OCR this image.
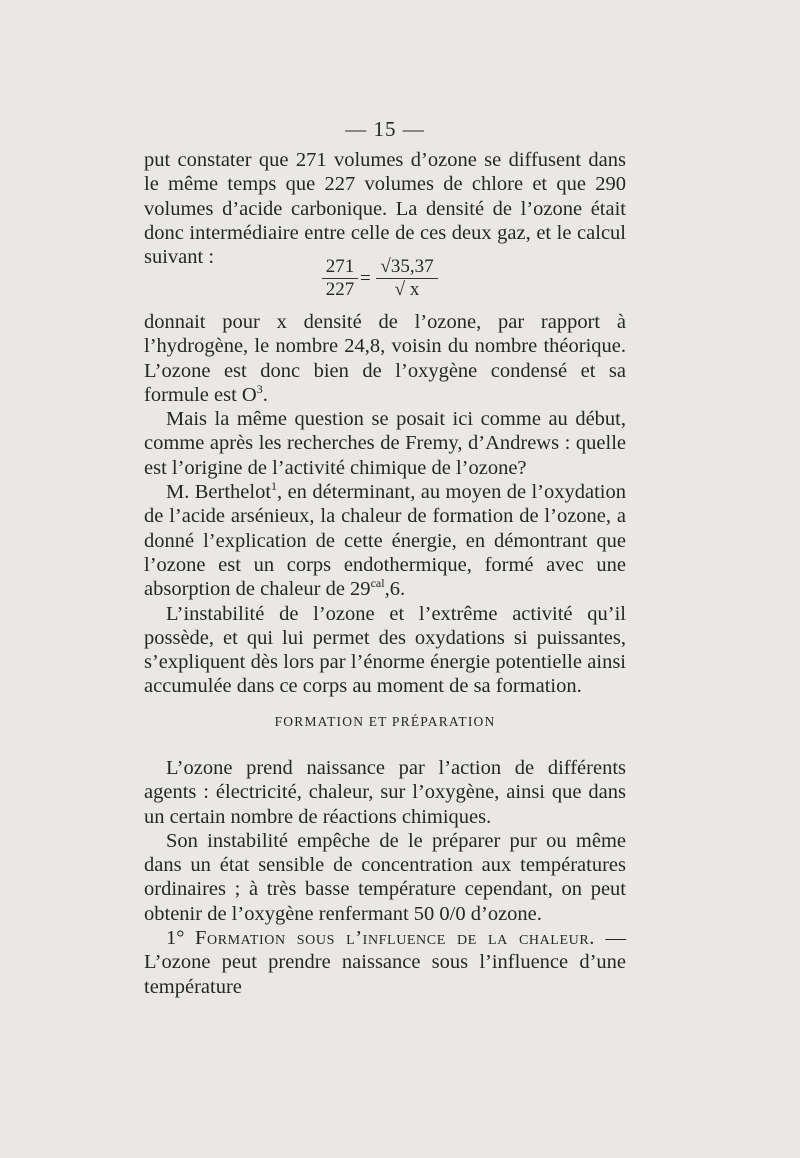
— 15 —

put constater que 271 volumes d’ozone se diffusent dans le même temps que 227 volumes de chlore et que 290 volumes d’acide carbonique. La densité de l’ozone était donc intermédiaire entre celle de ces deux gaz, et le calcul suivant :	271
227
=
√35,37
√ x

donnait pour x densité de l’ozone, par rapport à l’hydrogène, le nombre 24,8, voisin du nombre théorique. L’ozone est donc bien de l’oxygène condensé et sa formule est $O^3$.

Mais la même question se posait ici comme au début, comme après les recherches de Fremy, d’Andrews : quelle est l’origine de l’activité chimique de l’ozone?

M. Berthelot$^1$, en déterminant, au moyen de l’oxydation de l’acide arsénieux, la chaleur de formation de l’ozone, a donné l’explication de cette énergie, en démontrant que l’ozone est un corps endothermique, formé avec une absorption de chaleur de $29^{cal},6$.

L’instabilité de l’ozone et l’extrême activité qu’il possède, et qui lui permet des oxydations si puissantes, s’expliquent dès lors par l’énorme énergie potentielle ainsi accumulée dans ce corps au moment de sa formation.

FORMATION ET PRÉPARATION

L’ozone prend naissance par l’action de différents agents : électricité, chaleur, sur l’oxygène, ainsi que dans un certain nombre de réactions chimiques.

Son instabilité empêche de le préparer pur ou même dans un état sensible de concentration aux températures ordinaires ; à très basse température cependant, on peut obtenir de l’oxygène renfermant 50 0/0 d’ozone.

1° Formation sous l’influence de la chaleur. — L’ozone peut prendre naissance sous l’influence d’une température
